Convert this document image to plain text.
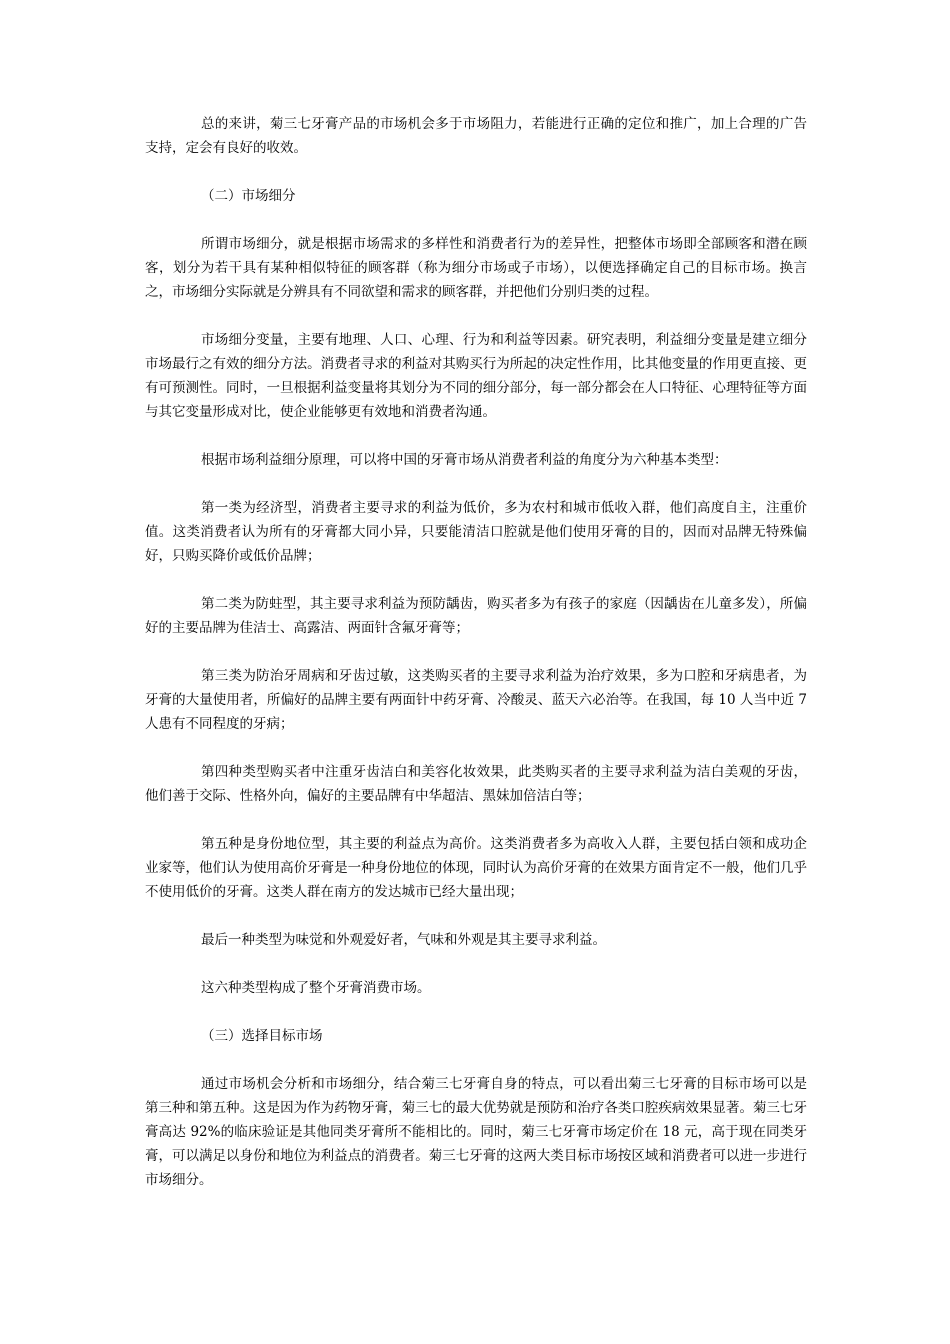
总的来讲，菊三七牙膏产品的市场机会多于市场阻力，若能进行正确的定位和推广，加上合理的广告支持，定会有良好的收效。

（二）市场细分

所谓市场细分，就是根据市场需求的多样性和消费者行为的差异性，把整体市场即全部顾客和潜在顾客，划分为若干具有某种相似特征的顾客群（称为细分市场或子市场），以便选择确定自己的目标市场。换言之，市场细分实际就是分辨具有不同欲望和需求的顾客群，并把他们分别归类的过程。

市场细分变量，主要有地理、人口、心理、行为和利益等因素。研究表明，利益细分变量是建立细分市场最行之有效的细分方法。消费者寻求的利益对其购买行为所起的决定性作用，比其他变量的作用更直接、更有可预测性。同时，一旦根据利益变量将其划分为不同的细分部分，每一部分都会在人口特征、心理特征等方面与其它变量形成对比，使企业能够更有效地和消费者沟通。

根据市场利益细分原理，可以将中国的牙膏市场从消费者利益的角度分为六种基本类型：

第一类为经济型，消费者主要寻求的利益为低价，多为农村和城市低收入群，他们高度自主，注重价值。这类消费者认为所有的牙膏都大同小异，只要能清洁口腔就是他们使用牙膏的目的，因而对品牌无特殊偏好，只购买降价或低价品牌；

第二类为防蛀型，其主要寻求利益为预防龋齿，购买者多为有孩子的家庭（因龋齿在儿童多发），所偏好的主要品牌为佳洁士、高露洁、两面针含氟牙膏等；

第三类为防治牙周病和牙齿过敏，这类购买者的主要寻求利益为治疗效果，多为口腔和牙病患者，为牙膏的大量使用者，所偏好的品牌主要有两面针中药牙膏、冷酸灵、蓝天六必治等。在我国，每 10 人当中近 7 人患有不同程度的牙病；

第四种类型购买者中注重牙齿洁白和美容化妆效果，此类购买者的主要寻求利益为洁白美观的牙齿，他们善于交际、性格外向，偏好的主要品牌有中华超洁、黑妹加倍洁白等；

第五种是身份地位型，其主要的利益点为高价。这类消费者多为高收入人群，主要包括白领和成功企业家等，他们认为使用高价牙膏是一种身份地位的体现，同时认为高价牙膏的在效果方面肯定不一般，他们几乎不使用低价的牙膏。这类人群在南方的发达城市已经大量出现；

最后一种类型为味觉和外观爱好者，气味和外观是其主要寻求利益。

这六种类型构成了整个牙膏消费市场。

（三）选择目标市场

通过市场机会分析和市场细分，结合菊三七牙膏自身的特点，可以看出菊三七牙膏的目标市场可以是第三种和第五种。这是因为作为药物牙膏，菊三七的最大优势就是预防和治疗各类口腔疾病效果显著。菊三七牙膏高达 92%的临床验证是其他同类牙膏所不能相比的。同时，菊三七牙膏市场定价在 18 元，高于现在同类牙膏，可以满足以身份和地位为利益点的消费者。菊三七牙膏的这两大类目标市场按区域和消费者可以进一步进行市场细分。
